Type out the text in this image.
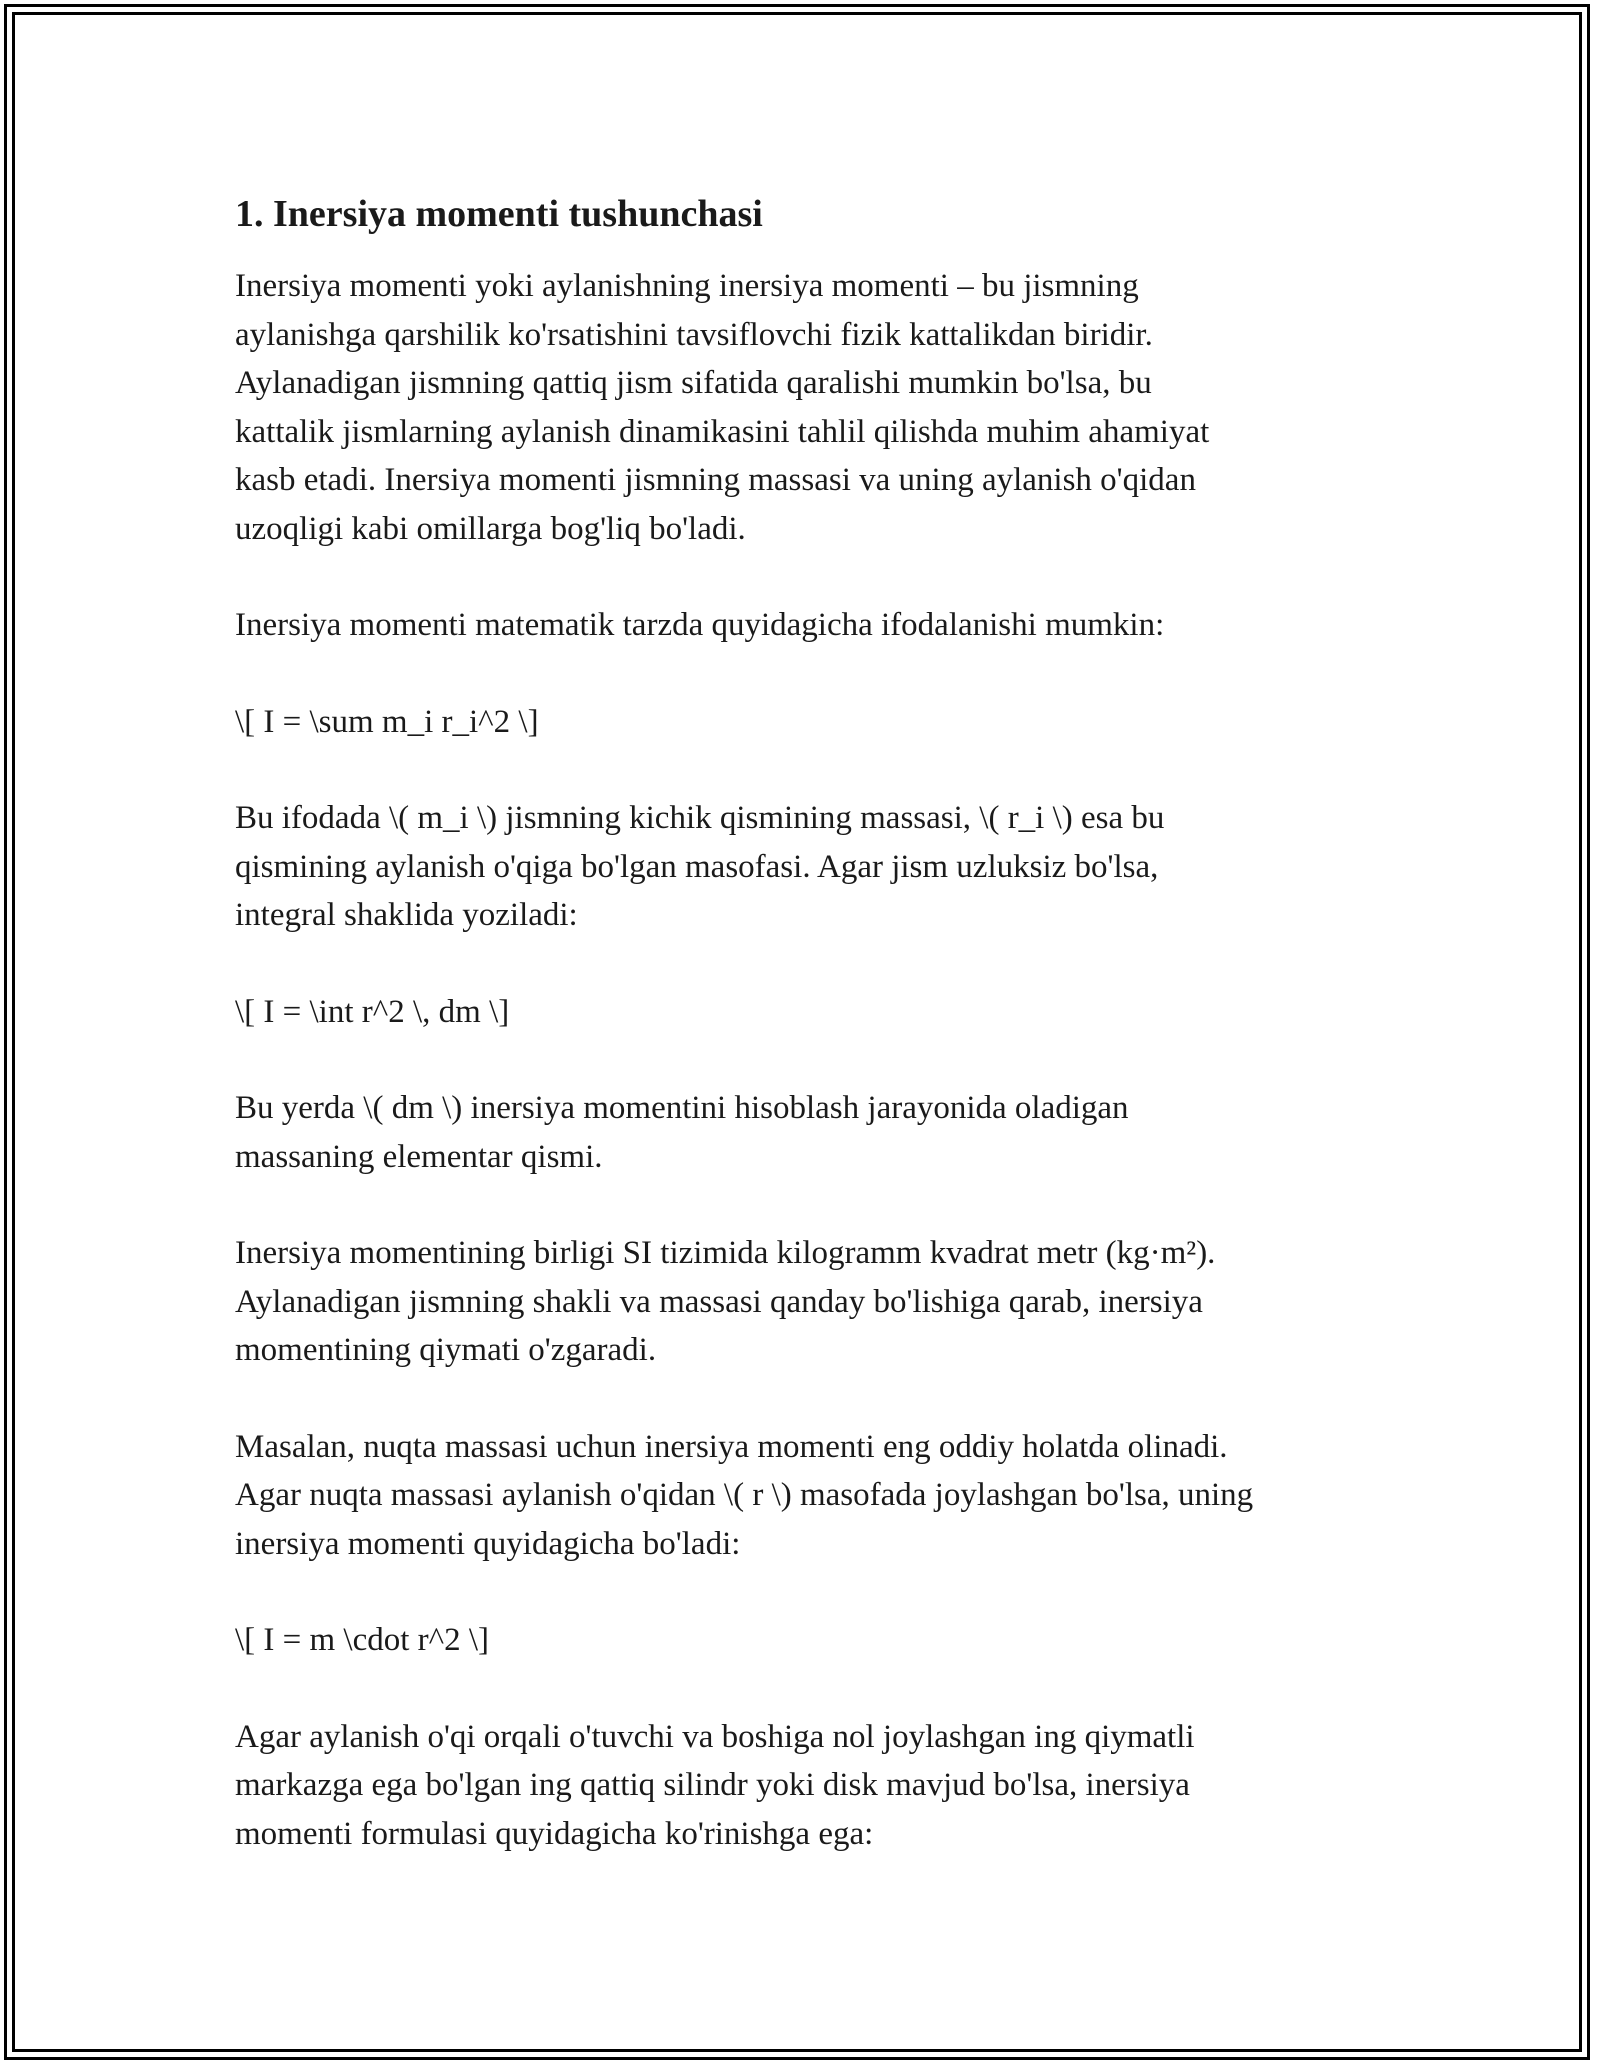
1. Inersiya momenti tushunchasi
Inersiya momenti yoki aylanishning inersiya momenti – bu jismning
aylanishga qarshilik ko'rsatishini tavsiflovchi fizik kattalikdan biridir.
Aylanadigan jismning qattiq jism sifatida qaralishi mumkin bo'lsa, bu
kattalik jismlarning aylanish dinamikasini tahlil qilishda muhim ahamiyat
kasb etadi. Inersiya momenti jismning massasi va uning aylanish o'qidan
uzoqligi kabi omillarga bog'liq bo'ladi.
Inersiya momenti matematik tarzda quyidagicha ifodalanishi mumkin:
\[ I = \sum m_i r_i^2 \]
Bu ifodada \( m_i \) jismning kichik qismining massasi, \( r_i \) esa bu
qismining aylanish o'qiga bo'lgan masofasi. Agar jism uzluksiz bo'lsa,
integral shaklida yoziladi:
\[ I = \int r^2 \, dm \]
Bu yerda \( dm \) inersiya momentini hisoblash jarayonida oladigan
massaning elementar qismi.
Inersiya momentining birligi SI tizimida kilogramm kvadrat metr (kg·m²).
Aylanadigan jismning shakli va massasi qanday bo'lishiga qarab, inersiya
momentining qiymati o'zgaradi.
Masalan, nuqta massasi uchun inersiya momenti eng oddiy holatda olinadi.
Agar nuqta massasi aylanish o'qidan \( r \) masofada joylashgan bo'lsa, uning
inersiya momenti quyidagicha bo'ladi:
\[ I = m \cdot r^2 \]
Agar aylanish o'qi orqali o'tuvchi va boshiga nol joylashgan ing qiymatli
markazga ega bo'lgan ing qattiq silindr yoki disk mavjud bo'lsa, inersiya
momenti formulasi quyidagicha ko'rinishga ega:
